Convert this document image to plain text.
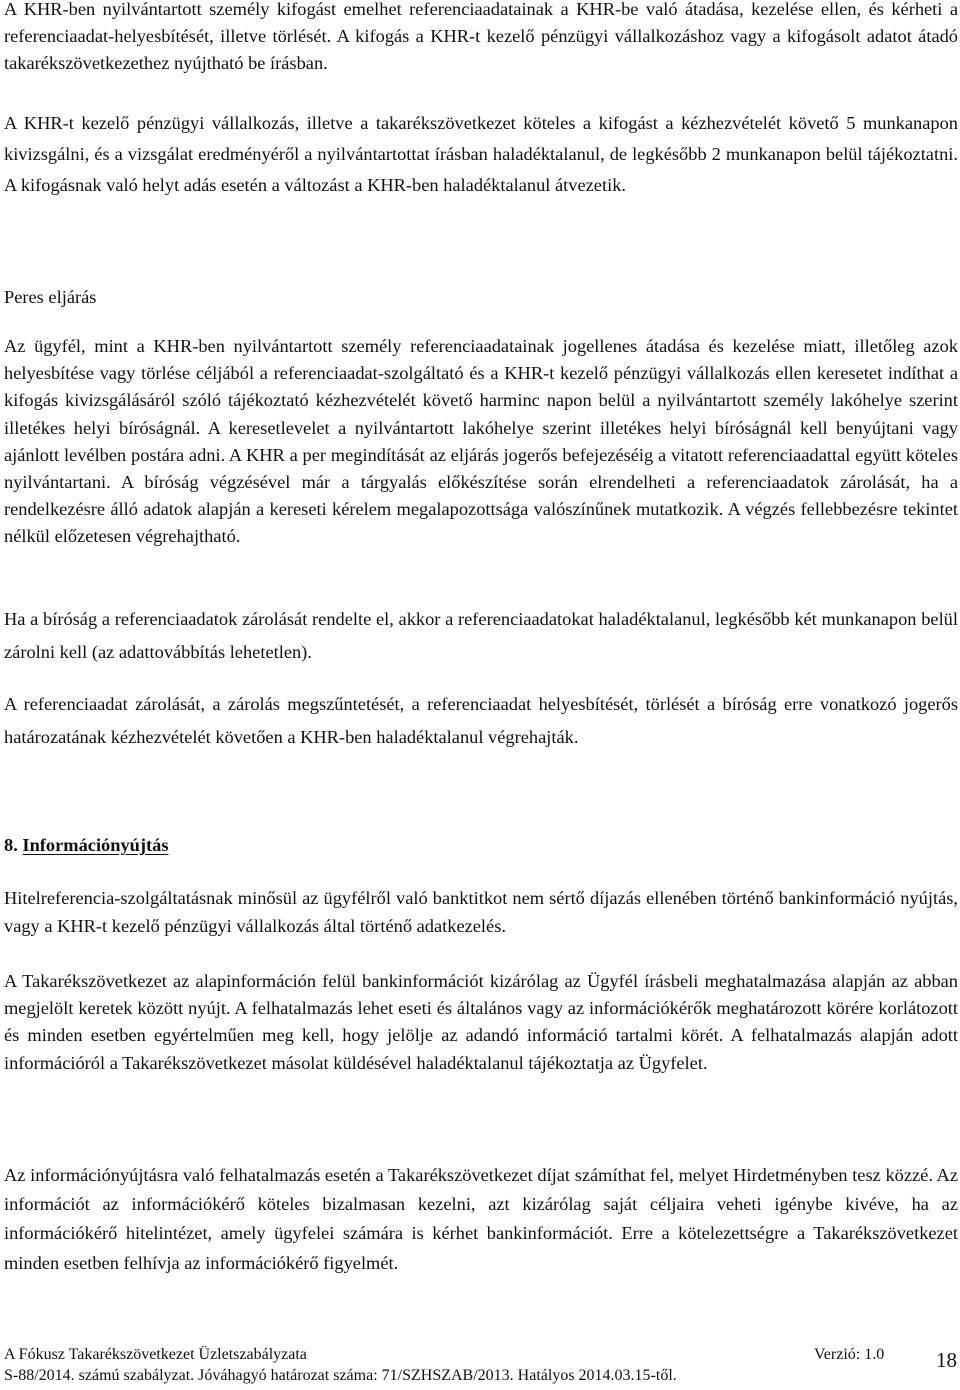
A KHR-ben nyilvántartott személy kifogást emelhet referenciaadatainak a KHR-be való átadása, kezelése ellen, és kérheti a referenciaadat-helyesbítését, illetve törlését. A kifogás a KHR-t kezelő pénzügyi vállalkozáshoz vagy a kifogásolt adatot átadó takarékszövetkezethez nyújtható be írásban.

A KHR-t kezelő pénzügyi vállalkozás, illetve a takarékszövetkezet köteles a kifogást a kézhezvételét követő 5 munkanapon kivizsgálni, és a vizsgálat eredményéről a nyilvántartottat írásban haladéktalanul, de legkésőbb 2 munkanapon belül tájékoztatni. A kifogásnak való helyt adás esetén a változást a KHR-ben haladéktalanul átvezetik.

Peres eljárás

Az ügyfél, mint a KHR-ben nyilvántartott személy referenciaadatainak jogellenes átadása és kezelése miatt, illetőleg azok helyesbítése vagy törlése céljából a referenciaadat-szolgáltató és a KHR-t kezelő pénzügyi vállalkozás ellen keresetet indíthat a kifogás kivizsgálásáról szóló tájékoztató kézhezvételét követő harminc napon belül a nyilvántartott személy lakóhelye szerint illetékes helyi bíróságnál. A keresetlevelet a nyilvántartott lakóhelye szerint illetékes helyi bíróságnál kell benyújtani vagy ajánlott levélben postára adni. A KHR a per megindítását az eljárás jogerős befejezéséig a vitatott referenciaadattal együtt köteles nyilvántartani. A bíróság végzésével már a tárgyalás előkészítése során elrendelheti a referenciaadatok zárolását, ha a rendelkezésre álló adatok alapján a kereseti kérelem megalapozottsága valószínűnek mutatkozik. A végzés fellebbezésre tekintet nélkül előzetesen végrehajtható.

Ha a bíróság a referenciaadatok zárolását rendelte el, akkor a referenciaadatokat haladéktalanul, legkésőbb két munkanapon belül zárolni kell (az adattovábbítás lehetetlen).

A referenciaadat zárolását, a zárolás megszűntetését, a referenciaadat helyesbítését, törlését a bíróság erre vonatkozó jogerős határozatának kézhezvételét követően a KHR-ben haladéktalanul végrehajták.

8. Információnyújtás

Hitelreferencia-szolgáltatásnak minősül az ügyfélről való banktitkot nem sértő díjazás ellenében történő bankinformáció nyújtás, vagy a KHR-t kezelő pénzügyi vállalkozás által történő adatkezelés.

A Takarékszövetkezet az alapinformáción felül bankinformációt kizárólag az Ügyfél írásbeli meghatalmazása alapján az abban megjelölt keretek között nyújt. A felhatalmazás lehet eseti és általános vagy az információkérők meghatározott körére korlátozott és minden esetben egyértelműen meg kell, hogy jelölje az adandó információ tartalmi körét. A felhatalmazás alapján adott információról a Takarékszövetkezet másolat küldésével haladéktalanul tájékoztatja az Ügyfelet.

Az információnyújtásra való felhatalmazás esetén a Takarékszövetkezet díjat számíthat fel, melyet Hirdetményben tesz közzé. Az információt az információkérő köteles bizalmasan kezelni, azt kizárólag saját céljaira veheti igénybe kivéve, ha az információkérő hitelintézet, amely ügyfelei számára is kérhet bankinformációt. Erre a kötelezettségre a Takarékszövetkezet minden esetben felhívja az információkérő figyelmét.

A Fókusz Takarékszövetkezet Üzletszabályzata	Verzió: 1.0
S-88/2014. számú szabályzat. Jóváhagyó határozat száma: 71/SZHSZAB/2013. Hatályos 2014.03.15-től.
18
